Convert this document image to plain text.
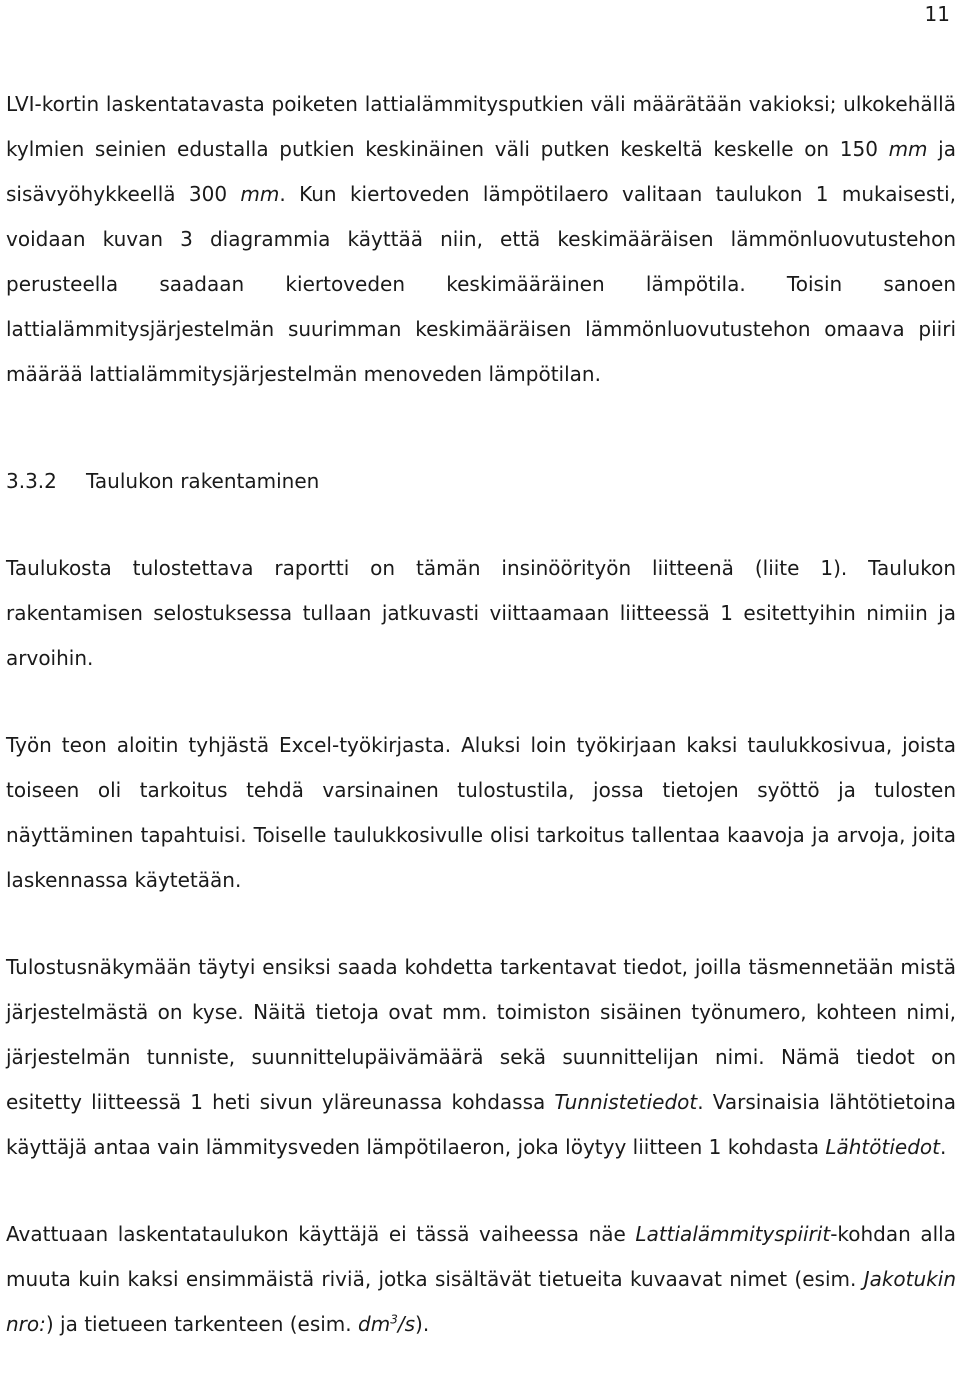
11

LVI-kortin laskentatavasta poiketen lattialämmitysputkien väli määrätään vakioksi; ulkokehällä kylmien seinien edustalla putkien keskinäinen väli putken keskeltä keskelle on 150 mm ja sisävyöhykkeellä 300 mm. Kun kiertoveden lämpötilaero valitaan taulukon 1 mukaisesti, voidaan kuvan 3 diagrammia käyttää niin, että keskimääräisen lämmönluovutustehon perusteella saadaan kiertoveden keskimääräinen lämpötila. Toisin sanoen lattialämmitysjärjestelmän suurimman keskimääräisen lämmönluovutustehon omaava piiri määrää lattialämmitysjärjestelmän menoveden lämpötilan.

3.3.2 Taulukon rakentaminen

Taulukosta tulostettava raportti on tämän insinöörityön liitteenä (liite 1). Taulukon rakentamisen selostuksessa tullaan jatkuvasti viittaamaan liitteessä 1 esitettyihin nimiin ja arvoihin.

Työn teon aloitin tyhjästä Excel-työkirjasta. Aluksi loin työkirjaan kaksi taulukkosivua, joista toiseen oli tarkoitus tehdä varsinainen tulostustila, jossa tietojen syöttö ja tulosten näyttäminen tapahtuisi. Toiselle taulukkosivulle olisi tarkoitus tallentaa kaavoja ja arvoja, joita laskennassa käytetään.

Tulostusnäkymään täytyi ensiksi saada kohdetta tarkentavat tiedot, joilla täsmennetään mistä järjestelmästä on kyse. Näitä tietoja ovat mm. toimiston sisäinen työnumero, kohteen nimi, järjestelmän tunniste, suunnittelupäivämäärä sekä suunnittelijan nimi. Nämä tiedot on esitetty liitteessä 1 heti sivun yläreunassa kohdassa Tunnistetiedot. Varsinaisia lähtötietoina käyttäjä antaa vain lämmitysveden lämpötilaeron, joka löytyy liitteen 1 kohdasta Lähtötiedot.

Avattuaan laskentataulukon käyttäjä ei tässä vaiheessa näe Lattialämmityspiirit-kohdan alla muuta kuin kaksi ensimmäistä riviä, jotka sisältävät tietueita kuvaavat nimet (esim. Jakotukin nro:) ja tietueen tarkenteen (esim. $dm^3/s$).
